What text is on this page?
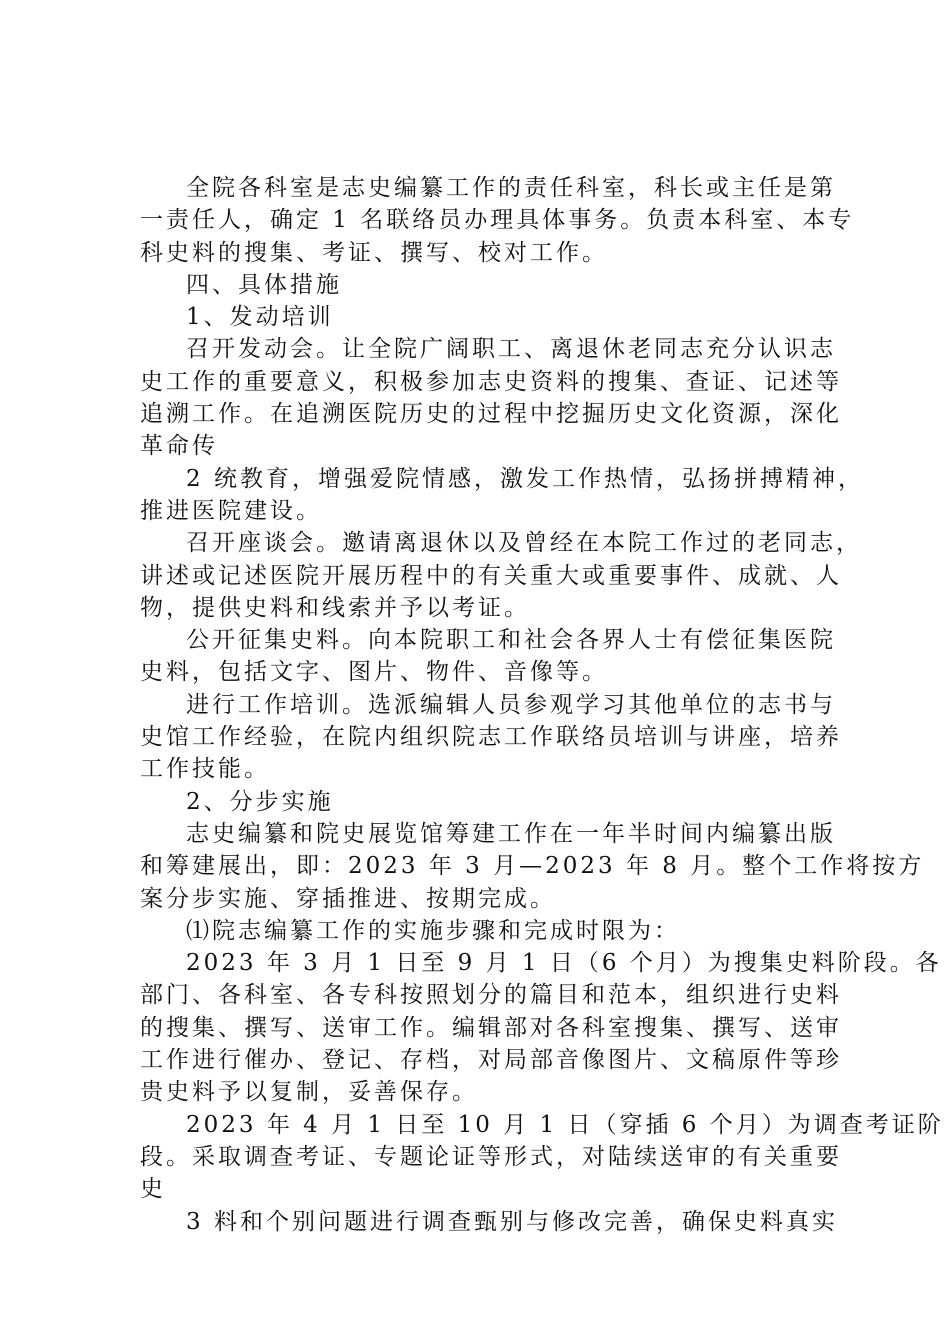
全院各科室是志史编纂工作的责任科室，科长或主任是第
一责任人，确定 1 名联络员办理具体事务。负责本科室、本专
科史料的搜集、考证、撰写、校对工作。
四、具体措施
1、发动培训
召开发动会。让全院广阔职工、离退休老同志充分认识志
史工作的重要意义，积极参加志史资料的搜集、查证、记述等
追溯工作。在追溯医院历史的过程中挖掘历史文化资源，深化
革命传
2 统教育，增强爱院情感，激发工作热情，弘扬拼搏精神，
推进医院建设。
召开座谈会。邀请离退休以及曾经在本院工作过的老同志，
讲述或记述医院开展历程中的有关重大或重要事件、成就、人
物，提供史料和线索并予以考证。
公开征集史料。向本院职工和社会各界人士有偿征集医院
史料，包括文字、图片、物件、音像等。
进行工作培训。选派编辑人员参观学习其他单位的志书与
史馆工作经验，在院内组织院志工作联络员培训与讲座，培养
工作技能。
2、分步实施
志史编纂和院史展览馆筹建工作在一年半时间内编纂出版
和筹建展出，即：2023 年 3 月—2023 年 8 月。整个工作将按方
案分步实施、穿插推进、按期完成。
⑴院志编纂工作的实施步骤和完成时限为：
2023 年 3 月 1 日至 9 月 1 日（6 个月）为搜集史料阶段。各
部门、各科室、各专科按照划分的篇目和范本，组织进行史料
的搜集、撰写、送审工作。编辑部对各科室搜集、撰写、送审
工作进行催办、登记、存档，对局部音像图片、文稿原件等珍
贵史料予以复制，妥善保存。
2023 年 4 月 1 日至 10 月 1 日（穿插 6 个月）为调查考证阶
段。采取调查考证、专题论证等形式，对陆续送审的有关重要
史
3 料和个别问题进行调查甄别与修改完善，确保史料真实
